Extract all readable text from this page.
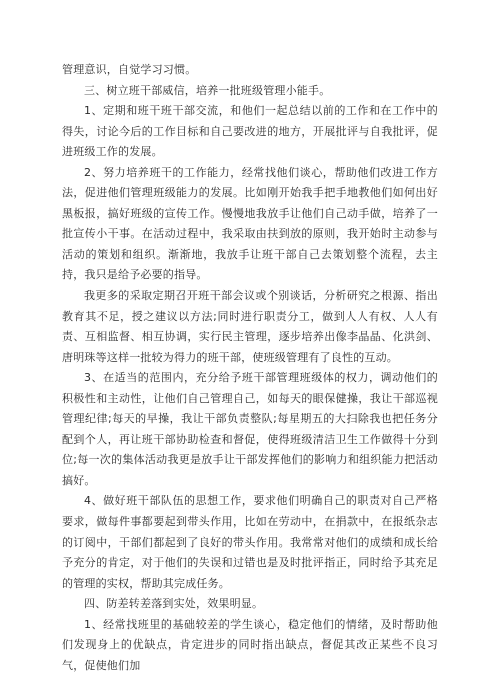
管理意识，自觉学习习惯。

三、树立班干部威信，培养一批班级管理小能手。

1、定期和班干班干部交流，和他们一起总结以前的工作和在工作中的得失，讨论今后的工作目标和自己要改进的地方，开展批评与自我批评，促进班级工作的发展。

2、努力培养班干的工作能力，经常找他们谈心，帮助他们改进工作方法，促进他们管理班级能力的发展。比如刚开始我手把手地教他们如何出好黑板报，搞好班级的宣传工作。慢慢地我放手让他们自己动手做，培养了一批宣传小干事。在活动过程中，我采取由扶到放的原则，我开始时主动参与活动的策划和组织。渐渐地，我放手让班干部自己去策划整个流程，去主持，我只是给予必要的指导。

我更多的采取定期召开班干部会议或个别谈话，分析研究之根源、指出教育其不足，授之建议以方法;同时进行职责分工，做到人人有权、人人有责、互相监督、相互协调，实行民主管理，逐步培养出像李晶晶、化洪剑、唐明珠等这样一批较为得力的班干部，使班级管理有了良性的互动。

3、在适当的范围内，充分给予班干部管理班级体的权力，调动他们的积极性和主动性，让他们自己管理自己，如每天的眼保健操，我让干部巡视管理纪律;每天的早操，我让干部负责整队;每星期五的大扫除我也把任务分配到个人，再让班干部协助检查和督促，使得班级清洁卫生工作做得十分到位;每一次的集体活动我更是放手让干部发挥他们的影响力和组织能力把活动搞好。

4、做好班干部队伍的思想工作，要求他们明确自己的职责对自己严格要求，做每件事都要起到带头作用，比如在劳动中，在捐款中，在报纸杂志的订阅中，干部们都起到了良好的带头作用。我常常对他们的成绩和成长给予充分的肯定，对于他们的失误和过错也是及时批评指正，同时给予其充足的管理的实权，帮助其完成任务。

四、防差转差落到实处，效果明显。

1、经常找班里的基础较差的学生谈心，稳定他们的情绪，及时帮助他们发现身上的优缺点，肯定进步的同时指出缺点，督促其改正某些不良习气，促使他们加
